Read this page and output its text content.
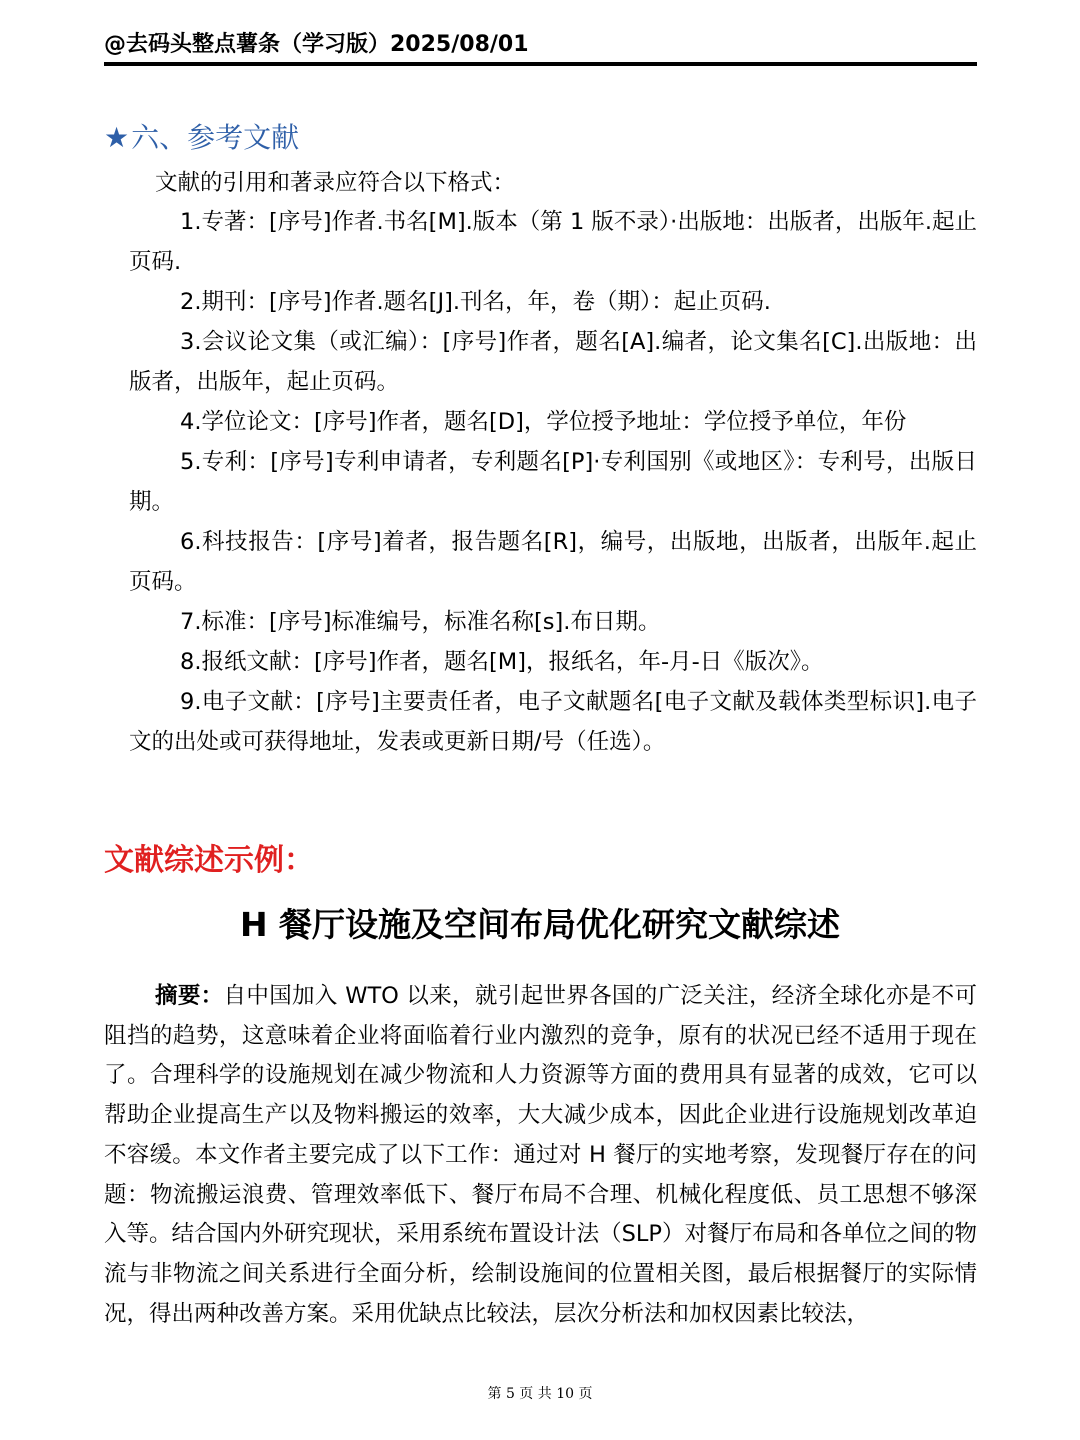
@去码头整点薯条（学习版）2025/08/01
★六、参考文献
文献的引用和著录应符合以下格式：
1.专著：[序号]作者.书名[M].版本（第 1 版不录）·出版地：出版者，出版年.起止页码.
2.期刊：[序号]作者.题名[J].刊名，年，卷（期）：起止页码.
3.会议论文集（或汇编）：[序号]作者，题名[A].编者，论文集名[C].出版地：出版者，出版年，起止页码。
4.学位论文：[序号]作者，题名[D]，学位授予地址：学位授予单位，年份
5.专利：[序号]专利申请者，专利题名[P]·专利国别《或地区》：专利号，出版日期。
6.科技报告：[序号]着者，报告题名[R]，编号，出版地，出版者，出版年.起止页码。
7.标准：[序号]标准编号，标准名称[s].布日期。
8.报纸文献：[序号]作者，题名[M]，报纸名，年-月-日《版次》。
9.电子文献：[序号]主要责任者，电子文献题名[电子文献及载体类型标识].电子文的出处或可获得地址，发表或更新日期/号（任选）。
文献综述示例：
H 餐厅设施及空间布局优化研究文献综述

摘要：自中国加入 WTO 以来，就引起世界各国的广泛关注，经济全球化亦是不可阻挡的趋势，这意味着企业将面临着行业内激烈的竞争，原有的状况已经不适用于现在了。合理科学的设施规划在减少物流和人力资源等方面的费用具有显著的成效，它可以帮助企业提高生产以及物料搬运的效率，大大减少成本，因此企业进行设施规划改革迫不容缓。本文作者主要完成了以下工作：通过对 H 餐厅的实地考察，发现餐厅存在的问题：物流搬运浪费、管理效率低下、餐厅布局不合理、机械化程度低、员工思想不够深入等。结合国内外研究现状，采用系统布置设计法（SLP）对餐厅布局和各单位之间的物流与非物流之间关系进行全面分析，绘制设施间的位置相关图，最后根据餐厅的实际情况，得出两种改善方案。采用优缺点比较法，层次分析法和加权因素比较法，

第 5 页 共 10 页
